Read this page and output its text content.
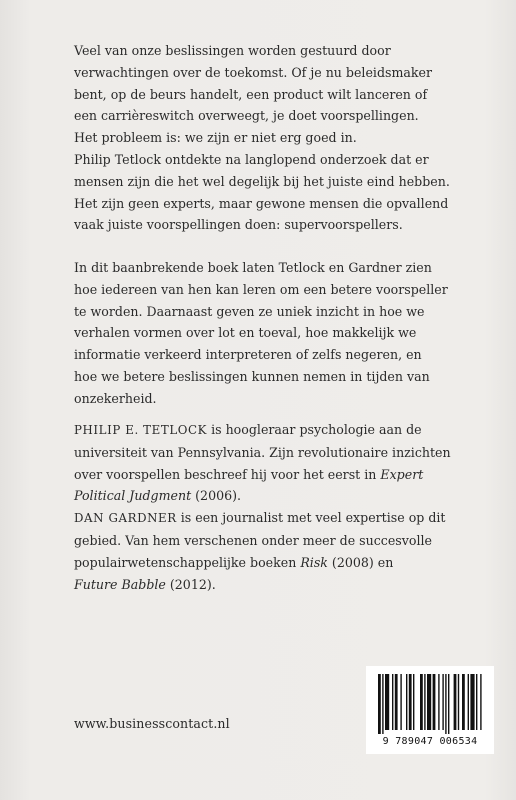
Veel van onze beslissingen worden gestuurd door

verwachtingen over de toekomst. Of je nu beleidsmaker

bent, op de beurs handelt, een product wilt lanceren of

een carrièreswitch overweegt, je doet voorspellingen.

Het probleem is: we zijn er niet erg goed in.

Philip Tetlock ontdekte na langlopend onderzoek dat er

mensen zijn die het wel degelijk bij het juiste eind hebben.

Het zijn geen experts, maar gewone mensen die opvallend

vaak juiste voorspellingen doen: supervoorspellers.

In dit baanbrekende boek laten Tetlock en Gardner zien

hoe iedereen van hen kan leren om een betere voorspeller

te worden. Daarnaast geven ze uniek inzicht in hoe we

verhalen vormen over lot en toeval, hoe makkelijk we

informatie verkeerd interpreteren of zelfs negeren, en

hoe we betere beslissingen kunnen nemen in tijden van

onzekerheid.

PHILIP E. TETLOCK is hoogleraar psychologie aan de

universiteit van Pennsylvania. Zijn revolutionaire inzichten

over voorspellen beschreef hij voor het eerst in Expert

Political Judgment (2006).

DAN GARDNER is een journalist met veel expertise op dit

gebied. Van hem verschenen onder meer de succesvolle

populairwetenschappelijke boeken Risk (2008) en

Future Babble (2012).

www.businesscontact.nl
9 789047 006534
